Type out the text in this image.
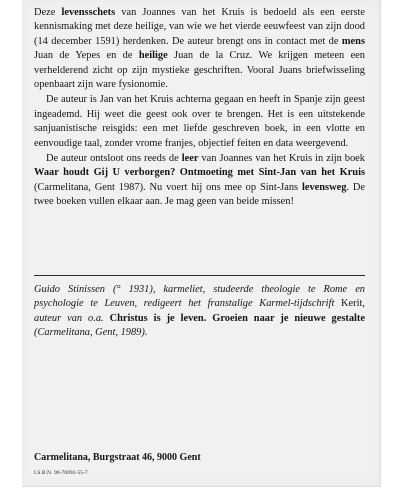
Deze levensschets van Joannes van het Kruis is bedoeld als een eerste kennismaking met deze heilige, van wie we het vierde eeuwfeest van zijn dood (14 december 1591) herdenken. De auteur brengt ons in contact met de mens Juan de Yepes en de heilige Juan de la Cruz. We krijgen meteen een verhelderend zicht op zijn mystieke geschriften. Vooral Juans briefwisseling openbaart zijn ware fysionomie.

De auteur is Jan van het Kruis achterna gegaan en heeft in Spanje zijn geest ingeademd. Hij weet die geest ook over te brengen. Het is een uitstekende sanjuanistische reisgids: een met liefde geschreven boek, in een vlotte en eenvoudige taal, zonder vrome franjes, objectief feiten en data weergevend.

De auteur ontsloot ons reeds de leer van Joannes van het Kruis in zijn boek Waar houdt Gij U verborgen? Ontmoeting met Sint-Jan van het Kruis (Carmelitana, Gent 1987). Nu voert hij ons mee op Sint-Jans levensweg. De twee boeken vullen elkaar aan. Je mag geen van beide missen!

Guido Stinissen (° 1931), karmeliet, studeerde theologie te Rome en psychologie te Leuven, redigeert het franstalige Karmel-tijdschrift Kerit, auteur van o.a. Christus is je leven. Groeien naar je nieuwe gestalte (Carmelitana, Gent, 1989).
Carmelitana, Burgstraat 46, 9000 Gent
I.S.B.N. 90-70092-55-7
